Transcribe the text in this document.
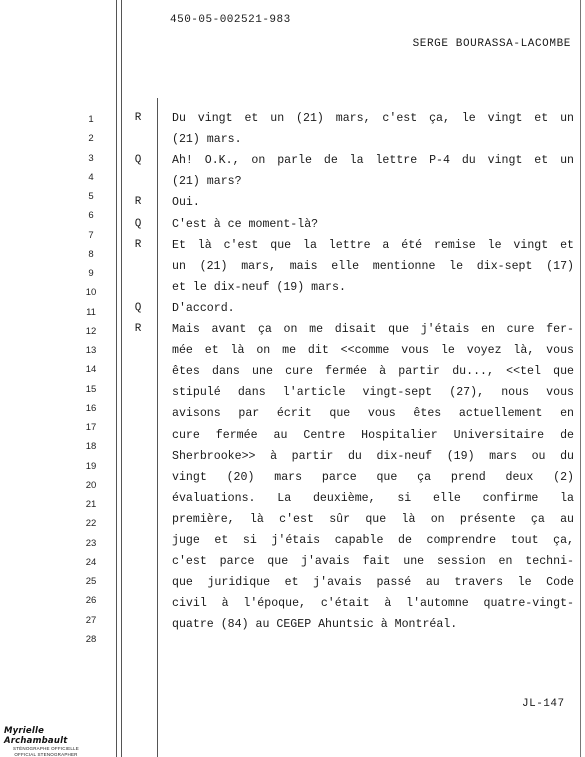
450-05-002521-983
SERGE BOURASSA-LACOMBE
1
2
3
4
5
6
7
8
9
10
11
12
13
14
15
16
17
18
19
20
21
22
23
24
25
26
27
28
R	Du vingt et un (21) mars, c'est ça, le vingt et un
(21) mars.
Q	Ah! O.K., on parle de la lettre P-4 du vingt et un
(21) mars?
R	Oui.
Q	C'est à ce moment-là?
R	Et là c'est que la lettre a été remise le vingt et
un (21) mars, mais elle mentionne le dix-sept (17)
et le dix-neuf (19) mars.
Q	D'accord.
R	Mais avant ça on me disait que j'étais en cure fer-
mée et là on me dit <<comme vous le voyez là, vous
êtes dans une cure fermée à partir du..., <<tel que
stipulé dans l'article vingt-sept (27), nous vous
avisons par écrit que vous êtes actuellement en
cure fermée au Centre Hospitalier Universitaire de
Sherbrooke>> à partir du dix-neuf (19) mars ou du
vingt (20) mars parce que ça prend deux (2)
évaluations. La deuxième, si elle confirme la
première, là c'est sûr que là on présente ça au
juge et si j'étais capable de comprendre tout ça,
c'est parce que j'avais fait une session en techni-
que juridique et j'avais passé au travers le Code
civil à l'époque, c'était à l'automne quatre-vingt-
quatre (84) au CEGEP Ahuntsic à Montréal.
JL-147
Myrielle Archambault
STÉNOGRAPHE OFFICIELLE
OFFICIAL STENOGRAPHER
